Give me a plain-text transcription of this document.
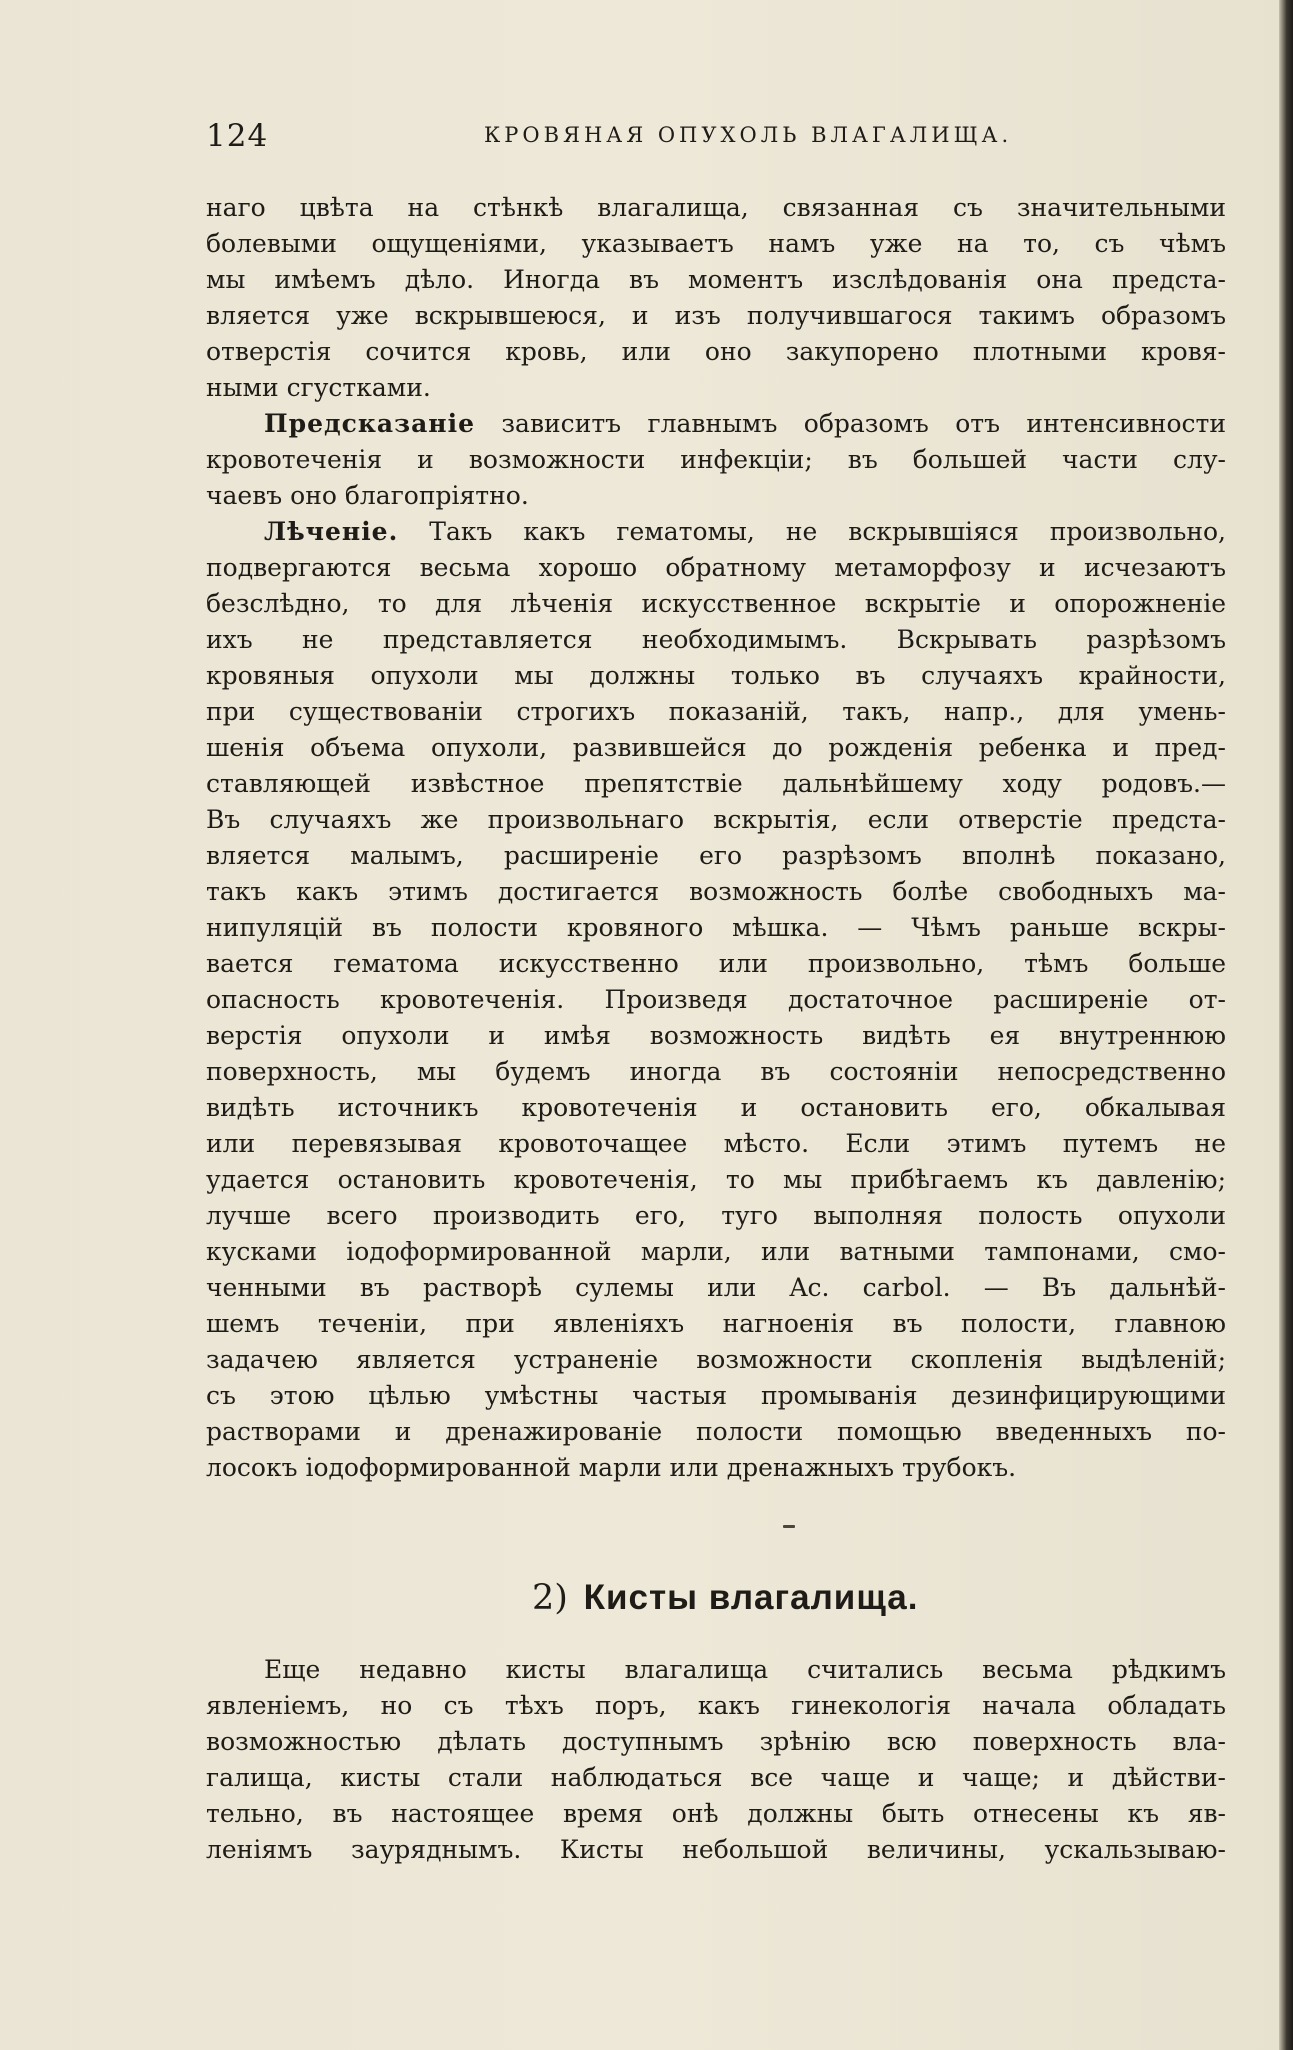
124	КРОВЯНАЯ ОПУХОЛЬ ВЛАГАЛИЩА.
наго цвѣта на стѣнкѣ влагалища, связанная съ значительными
болевыми ощущеніями, указываетъ намъ уже на то, съ чѣмъ
мы имѣемъ дѣло. Иногда въ моментъ изслѣдованія она предста-
вляется уже вскрывшеюся, и изъ получившагося такимъ образомъ
отверстія сочится кровь, или оно закупорено плотными кровя-
ными сгустками.
Предсказаніе зависитъ главнымъ образомъ отъ интенсивности
кровотеченія и возможности инфекціи; въ большей части слу-
чаевъ оно благопріятно.
Лѣченіе. Такъ какъ гематомы, не вскрывшіяся произвольно,
подвергаются весьма хорошо обратному метаморфозу и исчезаютъ
безслѣдно, то для лѣченія искусственное вскрытіе и опорожненіе
ихъ не представляется необходимымъ. Вскрывать разрѣзомъ
кровяныя опухоли мы должны только въ случаяхъ крайности,
при существованіи строгихъ показаній, такъ, напр., для умень-
шенія объема опухоли, развившейся до рожденія ребенка и пред-
ставляющей извѣстное препятствіе дальнѣйшему ходу родовъ.—
Въ случаяхъ же произвольнаго вскрытія, если отверстіе предста-
вляется малымъ, расширеніе его разрѣзомъ вполнѣ показано,
такъ какъ этимъ достигается возможность болѣе свободныхъ ма-
нипуляцій въ полости кровяного мѣшка. — Чѣмъ раньше вскры-
вается гематома искусственно или произвольно, тѣмъ больше
опасность кровотеченія. Произведя достаточное расширеніе от-
верстія опухоли и имѣя возможность видѣть ея внутреннюю
поверхность, мы будемъ иногда въ состояніи непосредственно
видѣть источникъ кровотеченія и остановить его, обкалывая
или перевязывая кровоточащее мѣсто. Если этимъ путемъ не
удается остановить кровотеченія, то мы прибѣгаемъ къ давленію;
лучше всего производить его, туго выполняя полость опухоли
кусками іодоформированной марли, или ватными тампонами, смо-
ченными въ растворѣ сулемы или Ac. carbol. — Въ дальнѣй-
шемъ теченіи, при явленіяхъ нагноенія въ полости, главною
задачею является устраненіе возможности скопленія выдѣленій;
съ этою цѣлью умѣстны частыя промыванія дезинфицирующими
растворами и дренажированіе полости помощью введенныхъ по-
лосокъ іодоформированной марли или дренажныхъ трубокъ.
2) Кисты влагалища.
Еще недавно кисты влагалища считались весьма рѣдкимъ
явленіемъ, но съ тѣхъ поръ, какъ гинекологія начала обладать
возможностью дѣлать доступнымъ зрѣнію всю поверхность вла-
галища, кисты стали наблюдаться все чаще и чаще; и дѣйстви-
тельно, въ настоящее время онѣ должны быть отнесены къ яв-
леніямъ зауряднымъ. Кисты небольшой величины, ускальзываю-
